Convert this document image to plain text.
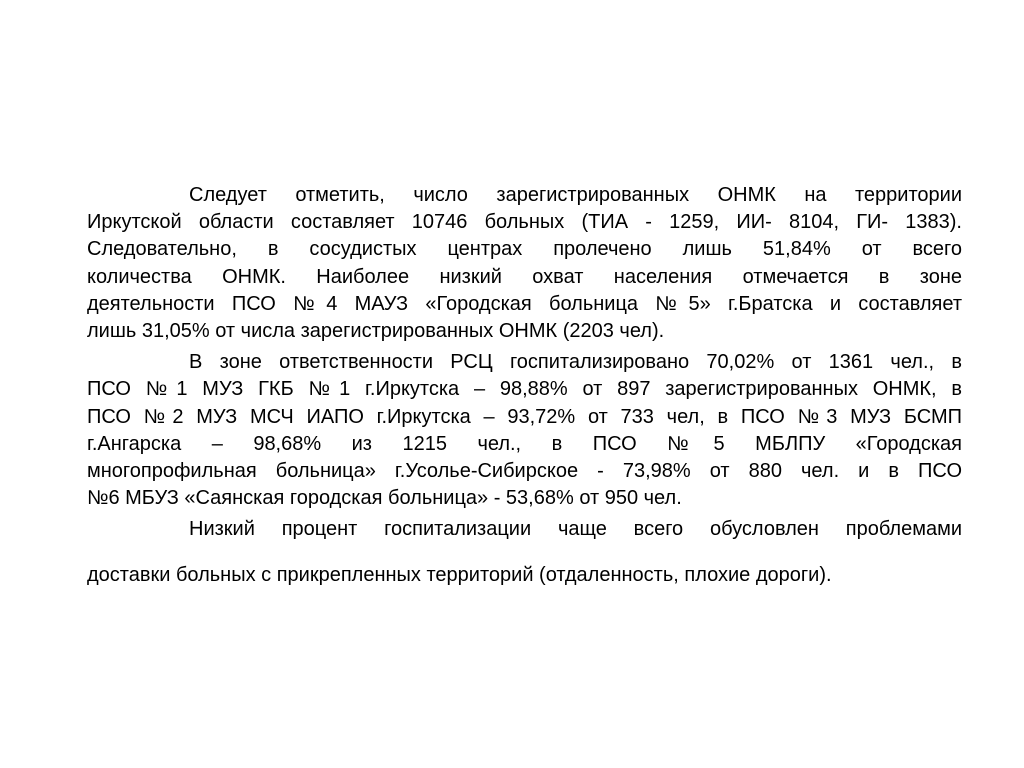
Следует отметить, число зарегистрированных ОНМК на территории
Иркутской области составляет 10746 больных (ТИА - 1259, ИИ- 8104, ГИ- 1383).
Следовательно, в сосудистых центрах пролечено лишь 51,84% от всего
количества ОНМК. Наиболее низкий охват населения отмечается в зоне
деятельности ПСО №4 МАУЗ «Городская больница №5» г.Братска и составляет
лишь 31,05% от числа зарегистрированных ОНМК (2203 чел).

В зоне ответственности РСЦ госпитализировано 70,02% от 1361 чел., в
ПСО №1 МУЗ ГКБ №1 г.Иркутска – 98,88% от 897 зарегистрированных ОНМК, в
ПСО №2 МУЗ МСЧ ИАПО г.Иркутска – 93,72% от 733 чел, в ПСО №3 МУЗ БСМП
г.Ангарска – 98,68% из 1215 чел., в ПСО №5 МБЛПУ «Городская
многопрофильная больница» г.Усолье-Сибирское - 73,98% от 880 чел. и в ПСО
№6 МБУЗ «Саянская городская больница» - 53,68% от 950 чел.

Низкий процент госпитализации чаще всего обусловлен проблемами
доставки больных с прикрепленных территорий (отдаленность, плохие дороги).
